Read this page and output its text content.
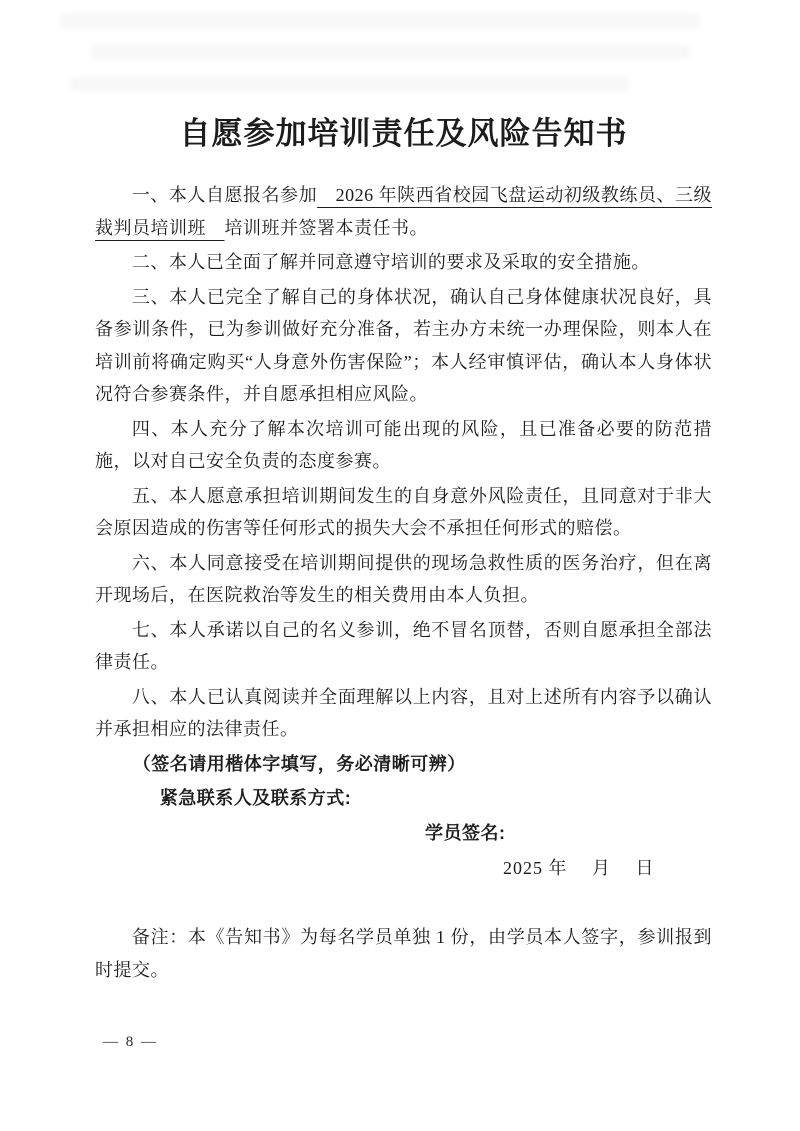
自愿参加培训责任及风险告知书

一、本人自愿报名参加　2026 年陕西省校园飞盘运动初级教练员、三级裁判员培训班　培训班并签署本责任书。

二、本人已全面了解并同意遵守培训的要求及采取的安全措施。

三、本人已完全了解自己的身体状况，确认自己身体健康状况良好，具备参训条件，已为参训做好充分准备，若主办方未统一办理保险，则本人在培训前将确定购买“人身意外伤害保险”；本人经审慎评估，确认本人身体状况符合参赛条件，并自愿承担相应风险。

四、本人充分了解本次培训可能出现的风险，且已准备必要的防范措施，以对自己安全负责的态度参赛。

五、本人愿意承担培训期间发生的自身意外风险责任，且同意对于非大会原因造成的伤害等任何形式的损失大会不承担任何形式的赔偿。

六、本人同意接受在培训期间提供的现场急救性质的医务治疗，但在离开现场后，在医院救治等发生的相关费用由本人负担。

七、本人承诺以自己的名义参训，绝不冒名顶替，否则自愿承担全部法律责任。

八、本人已认真阅读并全面理解以上内容，且对上述所有内容予以确认并承担相应的法律责任。

（签名请用楷体字填写，务必清晰可辨）

紧急联系人及联系方式:

学员签名:

2025 年　 月　 日

备注：本《告知书》为每名学员单独 1 份，由学员本人签字，参训报到时提交。

— 8 —
